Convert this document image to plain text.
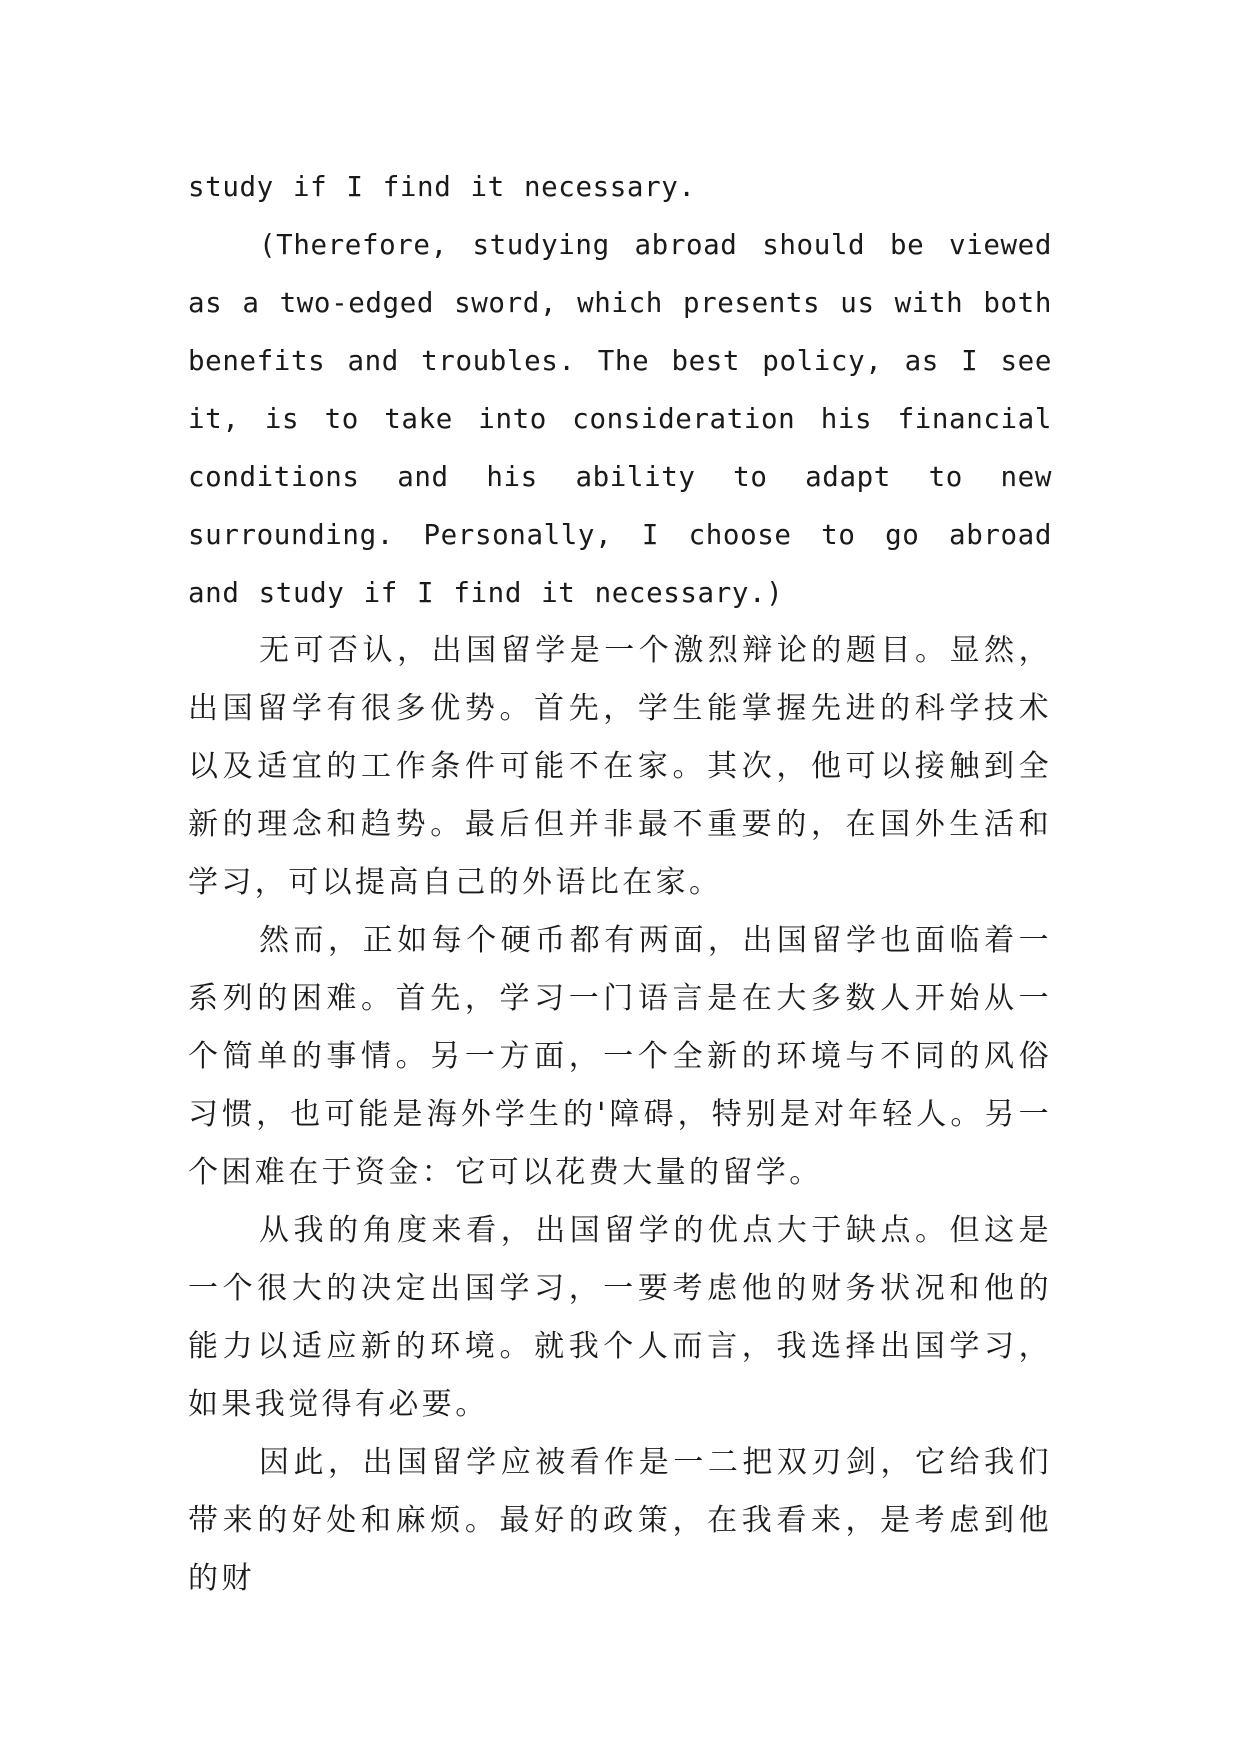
study if I find it necessary.

(Therefore, studying abroad should be viewed as a two-edged sword, which presents us with both benefits and troubles. The best policy, as I see it, is to take into consideration his financial conditions and his ability to adapt to new surrounding. Personally, I choose to go abroad and study if I find it necessary.)

无可否认，出国留学是一个激烈辩论的题目。显然，出国留学有很多优势。首先，学生能掌握先进的科学技术以及适宜的工作条件可能不在家。其次，他可以接触到全新的理念和趋势。最后但并非最不重要的，在国外生活和学习，可以提高自己的外语比在家。

然而，正如每个硬币都有两面，出国留学也面临着一系列的困难。首先，学习一门语言是在大多数人开始从一个简单的事情。另一方面，一个全新的环境与不同的风俗习惯，也可能是海外学生的'障碍，特别是对年轻人。另一个困难在于资金：它可以花费大量的留学。

从我的角度来看，出国留学的优点大于缺点。但这是一个很大的决定出国学习，一要考虑他的财务状况和他的能力以适应新的环境。就我个人而言，我选择出国学习，如果我觉得有必要。

因此，出国留学应被看作是一二把双刃剑，它给我们带来的好处和麻烦。最好的政策，在我看来，是考虑到他的财
